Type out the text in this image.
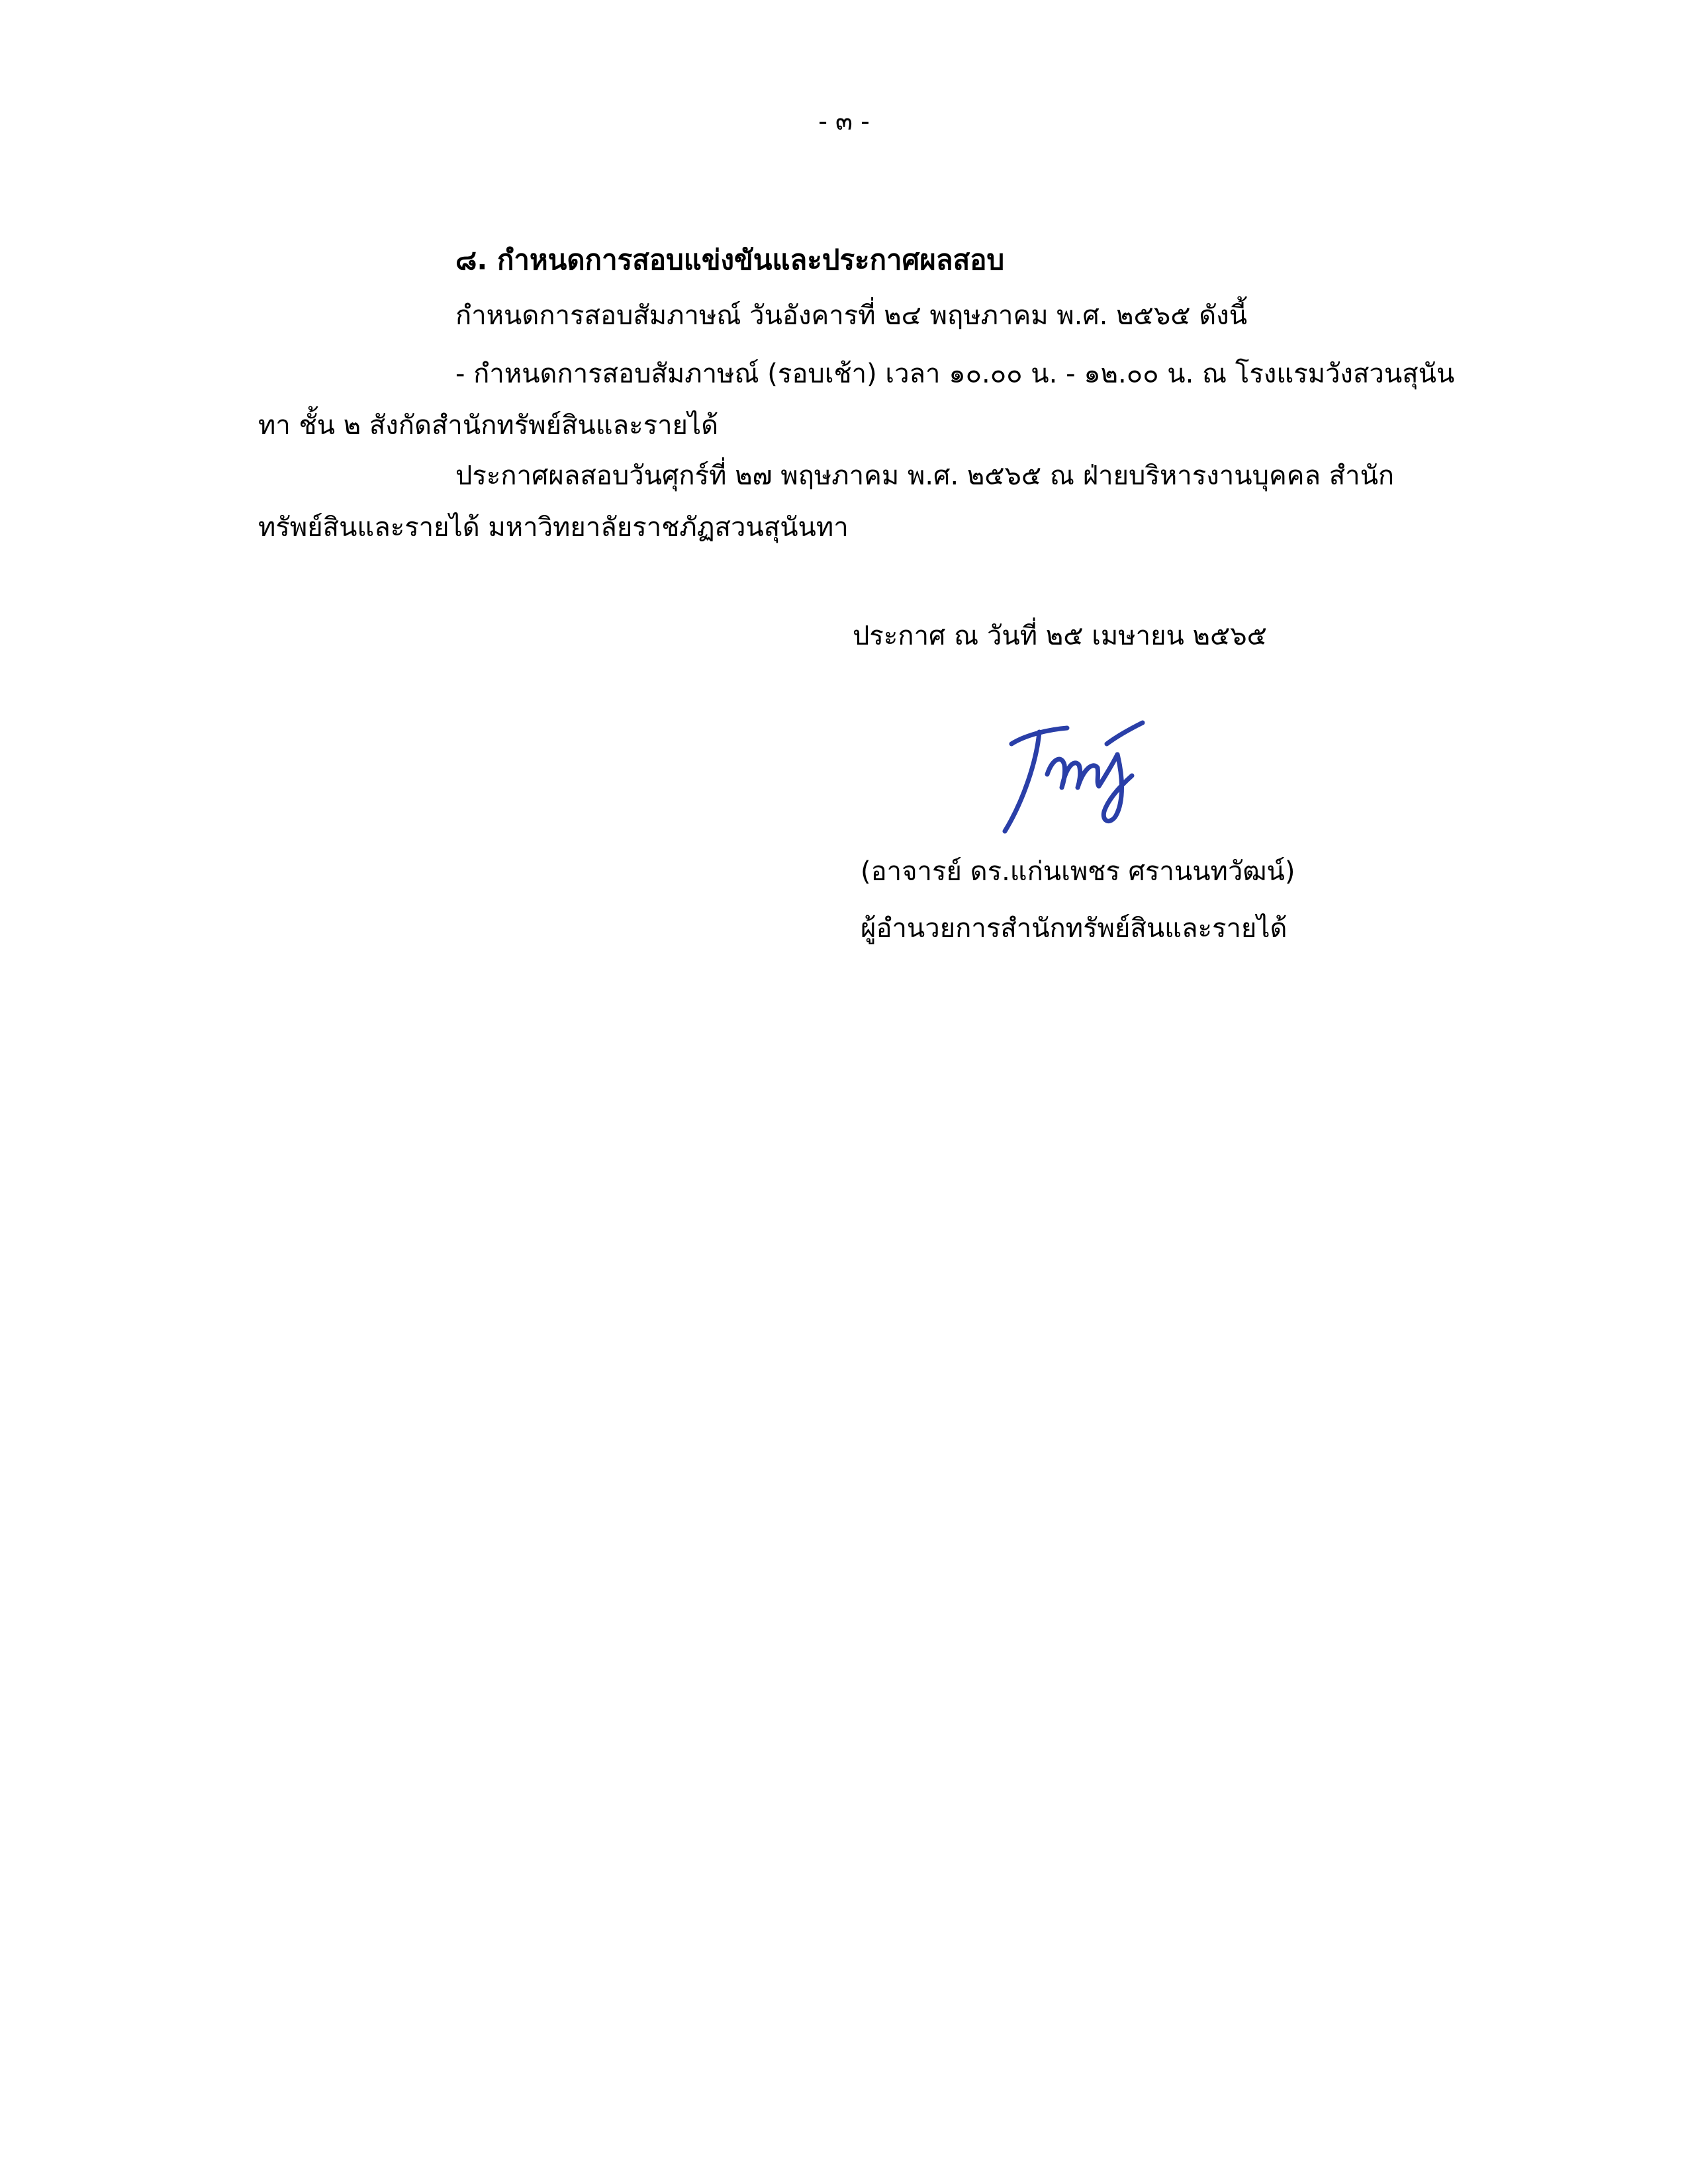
- ๓ -
๘. กำหนดการสอบแข่งขันและประกาศผลสอบ

กำหนดการสอบสัมภาษณ์ วันอังคารที่ ๒๔ พฤษภาคม พ.ศ. ๒๕๖๕ ดังนี้

- กำหนดการสอบสัมภาษณ์ (รอบเช้า) เวลา ๑๐.๐๐ น. - ๑๒.๐๐ น. ณ โรงแรมวังสวนสุนัน
ทา ชั้น ๒ สังกัดสำนักทรัพย์สินและรายได้

ประกาศผลสอบวันศุกร์ที่ ๒๗ พฤษภาคม พ.ศ. ๒๕๖๕ ณ ฝ่ายบริหารงานบุคคล สำนัก
ทรัพย์สินและรายได้ มหาวิทยาลัยราชภัฏสวนสุนันทา

ประกาศ ณ วันที่ ๒๕ เมษายน ๒๕๖๕
(อาจารย์ ดร.แก่นเพชร ศรานนทวัฒน์)
ผู้อำนวยการสำนักทรัพย์สินและรายได้
